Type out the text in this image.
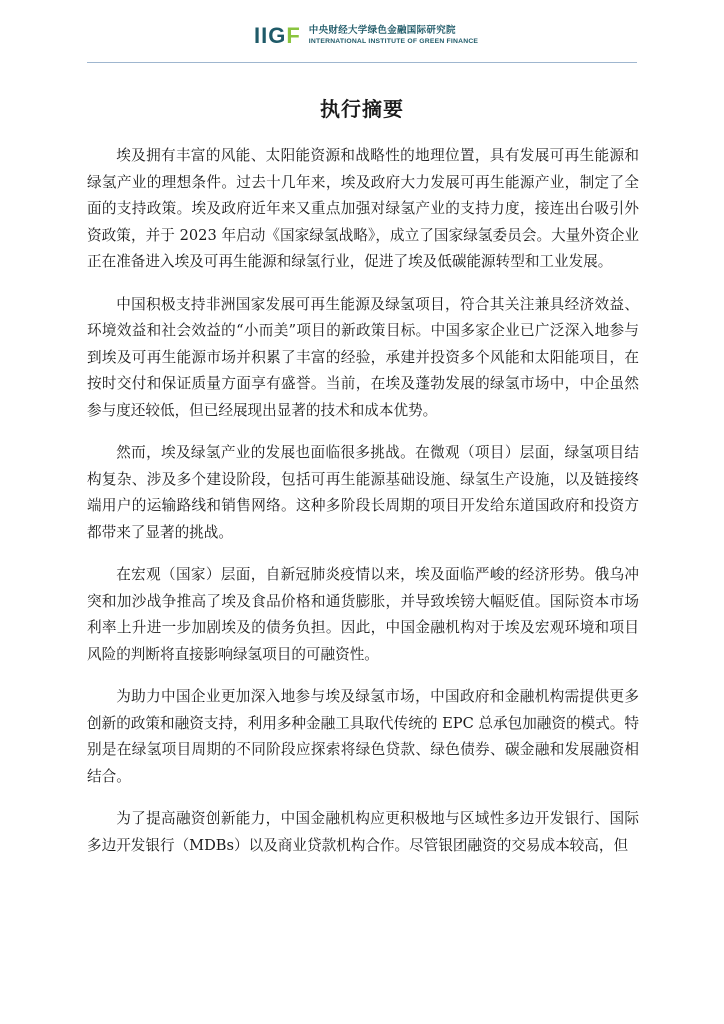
IIGF 中央财经大学绿色金融国际研究院
INTERNATIONAL INSTITUTE OF GREEN FINANCE
执行摘要

埃及拥有丰富的风能、太阳能资源和战略性的地理位置，具有发展可再生能源和绿氢产业的理想条件。过去十几年来，埃及政府大力发展可再生能源产业，制定了全面的支持政策。埃及政府近年来又重点加强对绿氢产业的支持力度，接连出台吸引外资政策，并于 2023 年启动《国家绿氢战略》，成立了国家绿氢委员会。大量外资企业正在准备进入埃及可再生能源和绿氢行业，促进了埃及低碳能源转型和工业发展。

中国积极支持非洲国家发展可再生能源及绿氢项目，符合其关注兼具经济效益、环境效益和社会效益的“小而美”项目的新政策目标。中国多家企业已广泛深入地参与到埃及可再生能源市场并积累了丰富的经验，承建并投资多个风能和太阳能项目，在按时交付和保证质量方面享有盛誉。当前，在埃及蓬勃发展的绿氢市场中，中企虽然参与度还较低，但已经展现出显著的技术和成本优势。

然而，埃及绿氢产业的发展也面临很多挑战。在微观（项目）层面，绿氢项目结构复杂、涉及多个建设阶段，包括可再生能源基础设施、绿氢生产设施，以及链接终端用户的运输路线和销售网络。这种多阶段长周期的项目开发给东道国政府和投资方都带来了显著的挑战。

在宏观（国家）层面，自新冠肺炎疫情以来，埃及面临严峻的经济形势。俄乌冲突和加沙战争推高了埃及食品价格和通货膨胀，并导致埃镑大幅贬值。国际资本市场利率上升进一步加剧埃及的债务负担。因此，中国金融机构对于埃及宏观环境和项目风险的判断将直接影响绿氢项目的可融资性。

为助力中国企业更加深入地参与埃及绿氢市场，中国政府和金融机构需提供更多创新的政策和融资支持，利用多种金融工具取代传统的 EPC 总承包加融资的模式。特别是在绿氢项目周期的不同阶段应探索将绿色贷款、绿色债券、碳金融和发展融资相结合。

为了提高融资创新能力，中国金融机构应更积极地与区域性多边开发银行、国际多边开发银行（MDBs）以及商业贷款机构合作。尽管银团融资的交易成本较高，但
